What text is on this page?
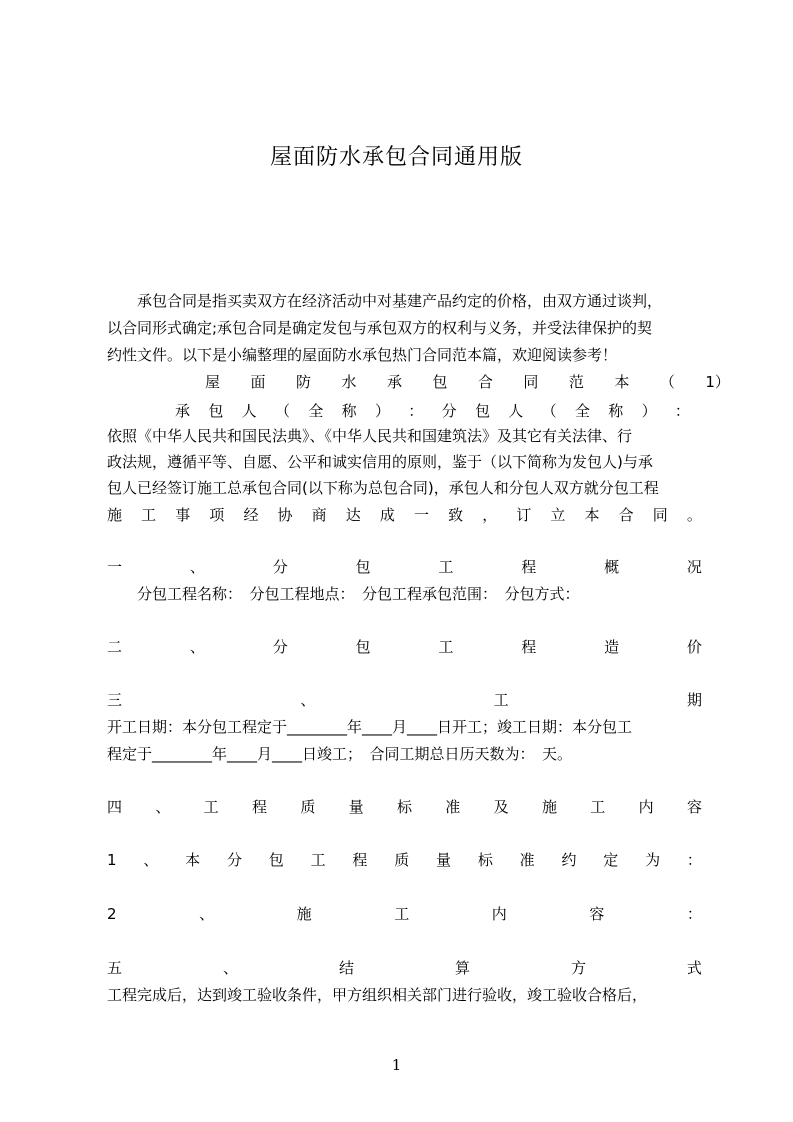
屋面防水承包合同通用版
　　承包合同是指买卖双方在经济活动中对基建产品约定的价格，由双方通过谈判，
以合同形式确定;承包合同是确定发包与承包双方的权利与义务，并受法律保护的契
约性文件。以下是小编整理的屋面防水承包热门合同范本篇，欢迎阅读参考！
屋 面 防 水 承 包 合 同 范 本 （ 1）
承 包 人 （ 全 称 ） ： 分 包 人 （ 全 称 ） ：
依照《中华人民共和国民法典》、《中华人民共和国建筑法》及其它有关法律、行
政法规，遵循平等、自愿、公平和诚实信用的原则，鉴于（以下简称为发包人)与承
包人已经签订施工总承包合同(以下称为总包合同)，承包人和分包人双方就分包工程
施 工 事 项 经 协 商 达 成 一 致 ， 订 立 本 合 同 。
一	、	分	包	工	程	概	况
　　分包工程名称：　分包工程地点：　分包工程承包范围：　分包方式：
二	、	分	包	工	程	造	价
三	、	工	期
开工日期：本分包工程定于________年____月____日开工；竣工日期：本分包工
程定于________年____月____日竣工；　合同工期总日历天数为：　天。
四 、 工 程 质 量 标 准 及 施 工 内 容
1 、 本 分 包 工 程 质 量 标 准 约 定 为 ：
2	、	施	工	内	容	：
五	、	结	算	方	式
工程完成后，达到竣工验收条件，甲方组织相关部门进行验收，竣工验收合格后，
1
